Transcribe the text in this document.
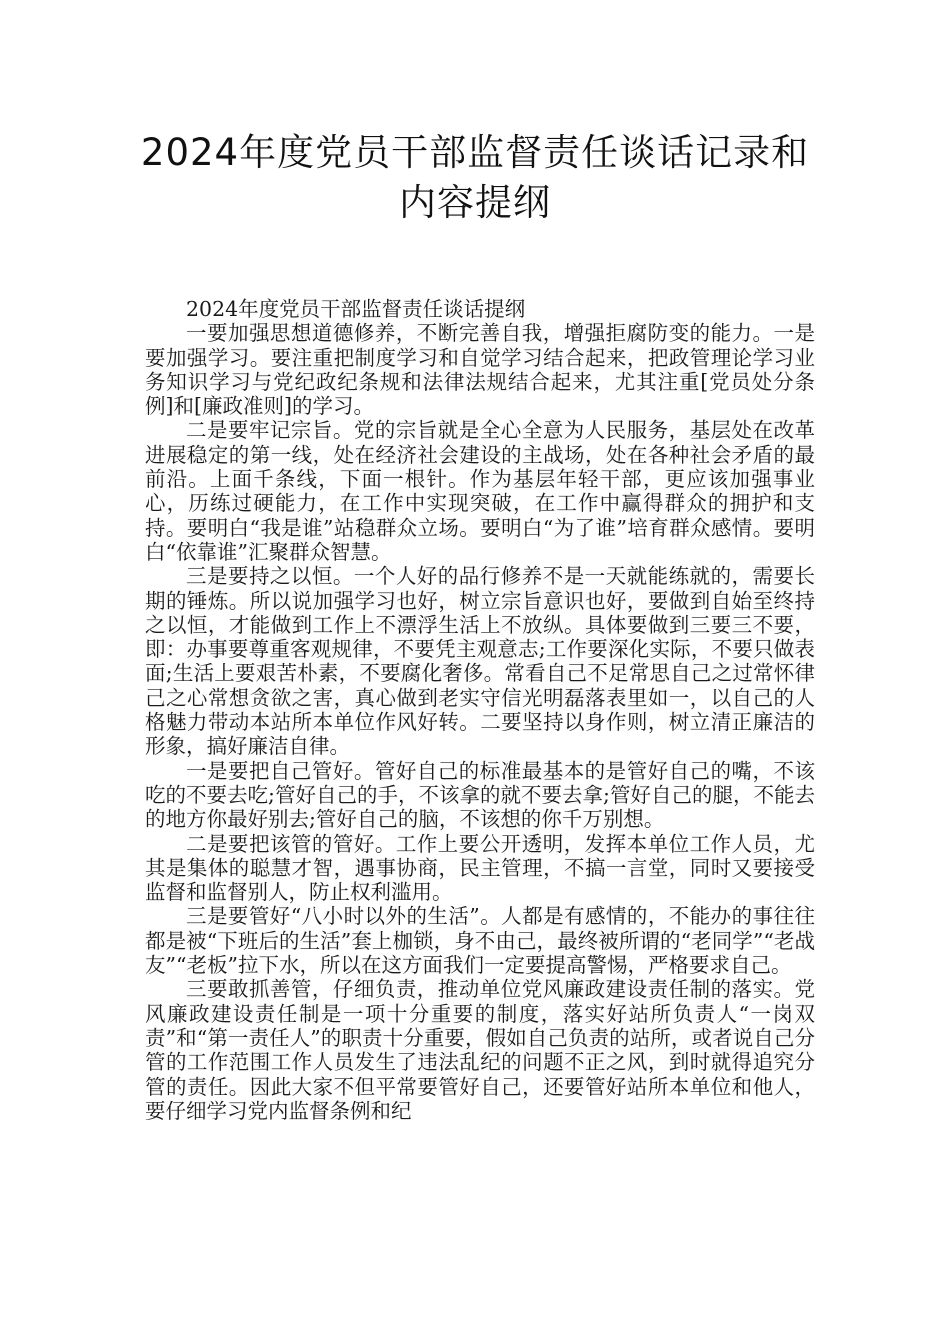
2024年度党员干部监督责任谈话记录和
内容提纲

2024年度党员干部监督责任谈话提纲

一要加强思想道德修养，不断完善自我，增强拒腐防变的能力。一是要加强学习。要注重把制度学习和自觉学习结合起来，把政管理论学习业务知识学习与党纪政纪条规和法律法规结合起来，尤其注重[党员处分条例]和[廉政准则]的学习。

二是要牢记宗旨。党的宗旨就是全心全意为人民服务，基层处在改革进展稳定的第一线，处在经济社会建设的主战场，处在各种社会矛盾的最前沿。上面千条线，下面一根针。作为基层年轻干部，更应该加强事业心，历练过硬能力，在工作中实现突破，在工作中赢得群众的拥护和支持。要明白“我是谁”站稳群众立场。要明白“为了谁”培育群众感情。要明白“依靠谁”汇聚群众智慧。

三是要持之以恒。一个人好的品行修养不是一天就能练就的，需要长期的锤炼。所以说加强学习也好，树立宗旨意识也好，要做到自始至终持之以恒，才能做到工作上不漂浮生活上不放纵。具体要做到三要三不要，即：办事要尊重客观规律，不要凭主观意志;工作要深化实际，不要只做表面;生活上要艰苦朴素，不要腐化奢侈。常看自己不足常思自己之过常怀律己之心常想贪欲之害，真心做到老实守信光明磊落表里如一，以自己的人格魅力带动本站所本单位作风好转。二要坚持以身作则，树立清正廉洁的形象，搞好廉洁自律。

一是要把自己管好。管好自己的标准最基本的是管好自己的嘴，不该吃的不要去吃;管好自己的手，不该拿的就不要去拿;管好自己的腿，不能去的地方你最好别去;管好自己的脑，不该想的你千万别想。

二是要把该管的管好。工作上要公开透明，发挥本单位工作人员，尤其是集体的聪慧才智，遇事协商，民主管理，不搞一言堂，同时又要接受监督和监督别人，防止权利滥用。

三是要管好“八小时以外的生活”。人都是有感情的，不能办的事往往都是被“下班后的生活”套上枷锁，身不由己，最终被所谓的“老同学”“老战友”“老板”拉下水，所以在这方面我们一定要提高警惕，严格要求自己。

三要敢抓善管，仔细负责，推动单位党风廉政建设责任制的落实。党风廉政建设责任制是一项十分重要的制度，落实好站所负责人“一岗双责”和“第一责任人”的职责十分重要，假如自己负责的站所，或者说自己分管的工作范围工作人员发生了违法乱纪的问题不正之风，到时就得追究分管的责任。因此大家不但平常要管好自己，还要管好站所本单位和他人，要仔细学习党内监督条例和纪
